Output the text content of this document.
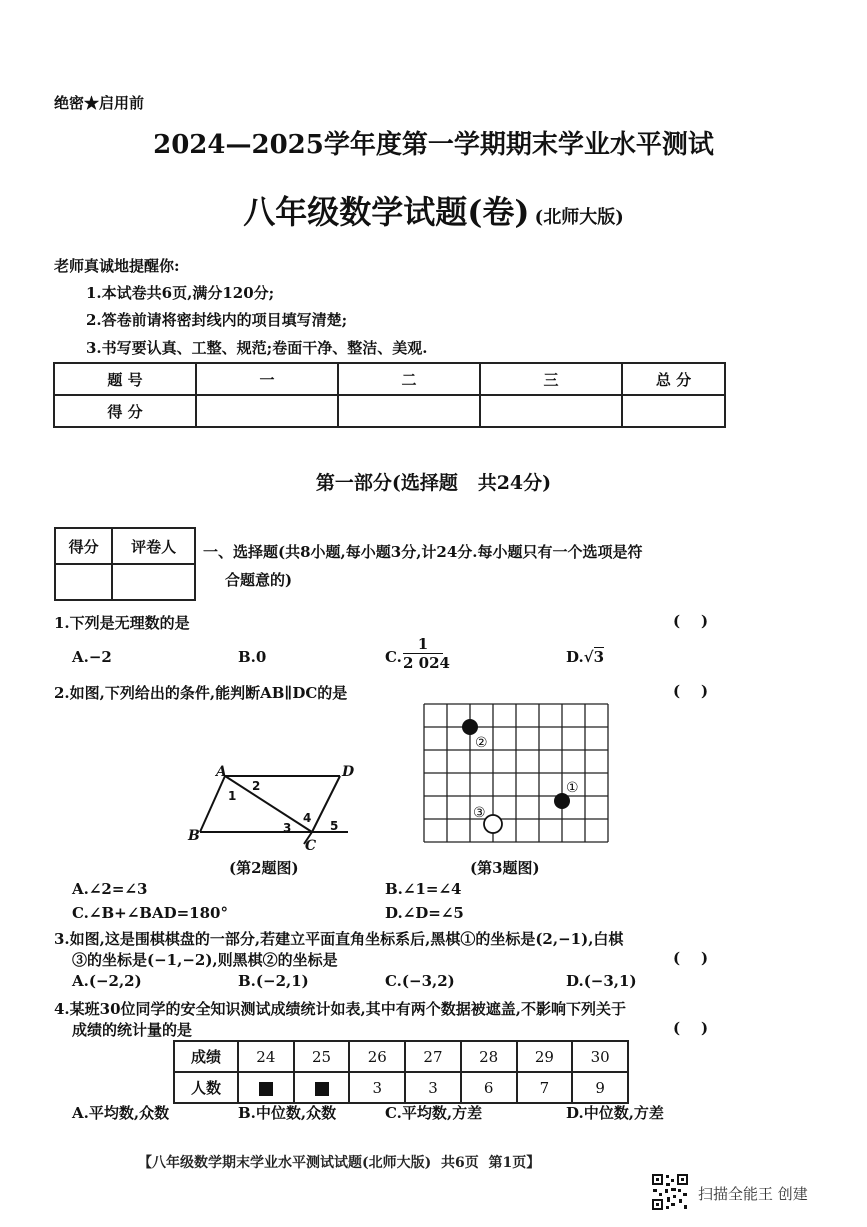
绝密★启用前
2024—2025学年度第一学期期末学业水平测试
八年级数学试题(卷) (北师大版)
老师真诚地提醒你:
1.本试卷共6页,满分120分;
2.答卷前请将密封线内的项目填写清楚;
3.书写要认真、工整、规范;卷面干净、整洁、美观.
题 号	一	二	三	总 分
得 分				
第一部分(选择题   共24分)
得分	评卷人
	一、选择题(共8小题,每小题3分,计24分.每小题只有一个选项是符
合题意的)
1.下列是无理数的是	(    )
A.−2	B.0	C.
1
2 024	D.√3
2.如图,下列给出的条件,能判断AB∥DC的是	(    )
A
B
C
D
1
2
3
4
5
(第2题图)
②
①
③
(第3题图)
A.∠2=∠3	B.∠1=∠4
C.∠B+∠BAD=180°	D.∠D=∠5
3.如图,这是围棋棋盘的一部分,若建立平面直角坐标系后,黑棋①的坐标是(2,−1),白棋
③的坐标是(−1,−2),则黑棋②的坐标是	(    )
A.(−2,2)	B.(−2,1)	C.(−3,2)	D.(−3,1)
4.某班30位同学的安全知识测试成绩统计如表,其中有两个数据被遮盖,不影响下列关于
成绩的统计量的是	(    )
成绩	24	25	26	27	28	29	30
人数			3	3	6	7	9
A.平均数,众数	B.中位数,众数	C.平均数,方差	D.中位数,方差
【八年级数学期末学业水平测试试题(北师大版)  共6页  第1页】
扫描全能王 创建
